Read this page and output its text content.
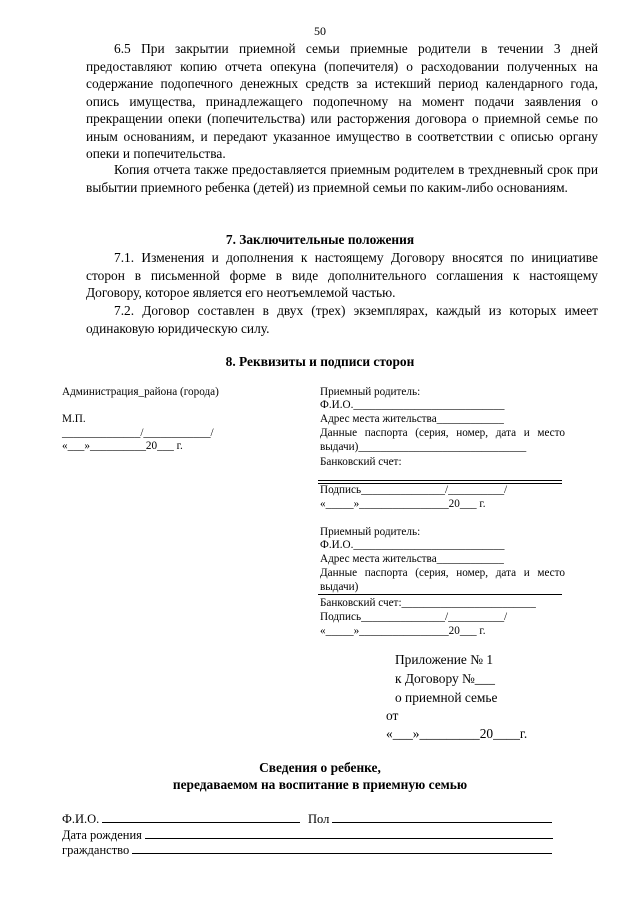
50
6.5 При закрытии приемной семьи приемные родители в течении 3 дней предоставляют копию отчета опекуна (попечителя) о расходовании полученных на содержание подопечного денежных средств за истекший период календарного года, опись имущества, принадлежащего подопечному на момент подачи заявления о прекращении опеки (попечительства) или расторжения договора о приемной семье по иным основаниям, и передают указанное имущество в соответствии с описью органу опеки и попечительства.
Копия отчета также предоставляется приемным родителем в трехдневный срок при выбытии приемного ребенка (детей) из приемной семьи по каким-либо основаниям.
7. Заключительные положения
7.1. Изменения и дополнения к настоящему Договору вносятся по инициативе сторон в письменной форме в виде дополнительного соглашения к настоящему Договору, которое является его неотъемлемой частью.
7.2. Договор составлен в двух (трех) экземплярах, каждый из которых имеет одинаковую юридическую силу.
8. Реквизиты и подписи сторон
Администрация_района (города)
М.П.
______________/____________/
«___»__________20___ г.
Приемный родитель:
Ф.И.О.___________________________
Адрес места жительства____________
Данные паспорта (серия, номер, дата и место
выдачи)______________________________
Банковский счет:
Подпись_______________/__________/
«_____»________________20___ г.
Приемный родитель:
Ф.И.О.___________________________
Адрес места жительства____________
Данные паспорта (серия, номер, дата и место
выдачи)
Банковский счет:________________________
Подпись_______________/__________/
«_____»________________20___ г.
Приложение № 1
к Договору №___
о приемной семье
от
«___»_________20____г.
Сведения о ребенке,
передаваемом на воспитание в приемную семью
Ф.И.О.	Пол
Дата рождения
гражданство
